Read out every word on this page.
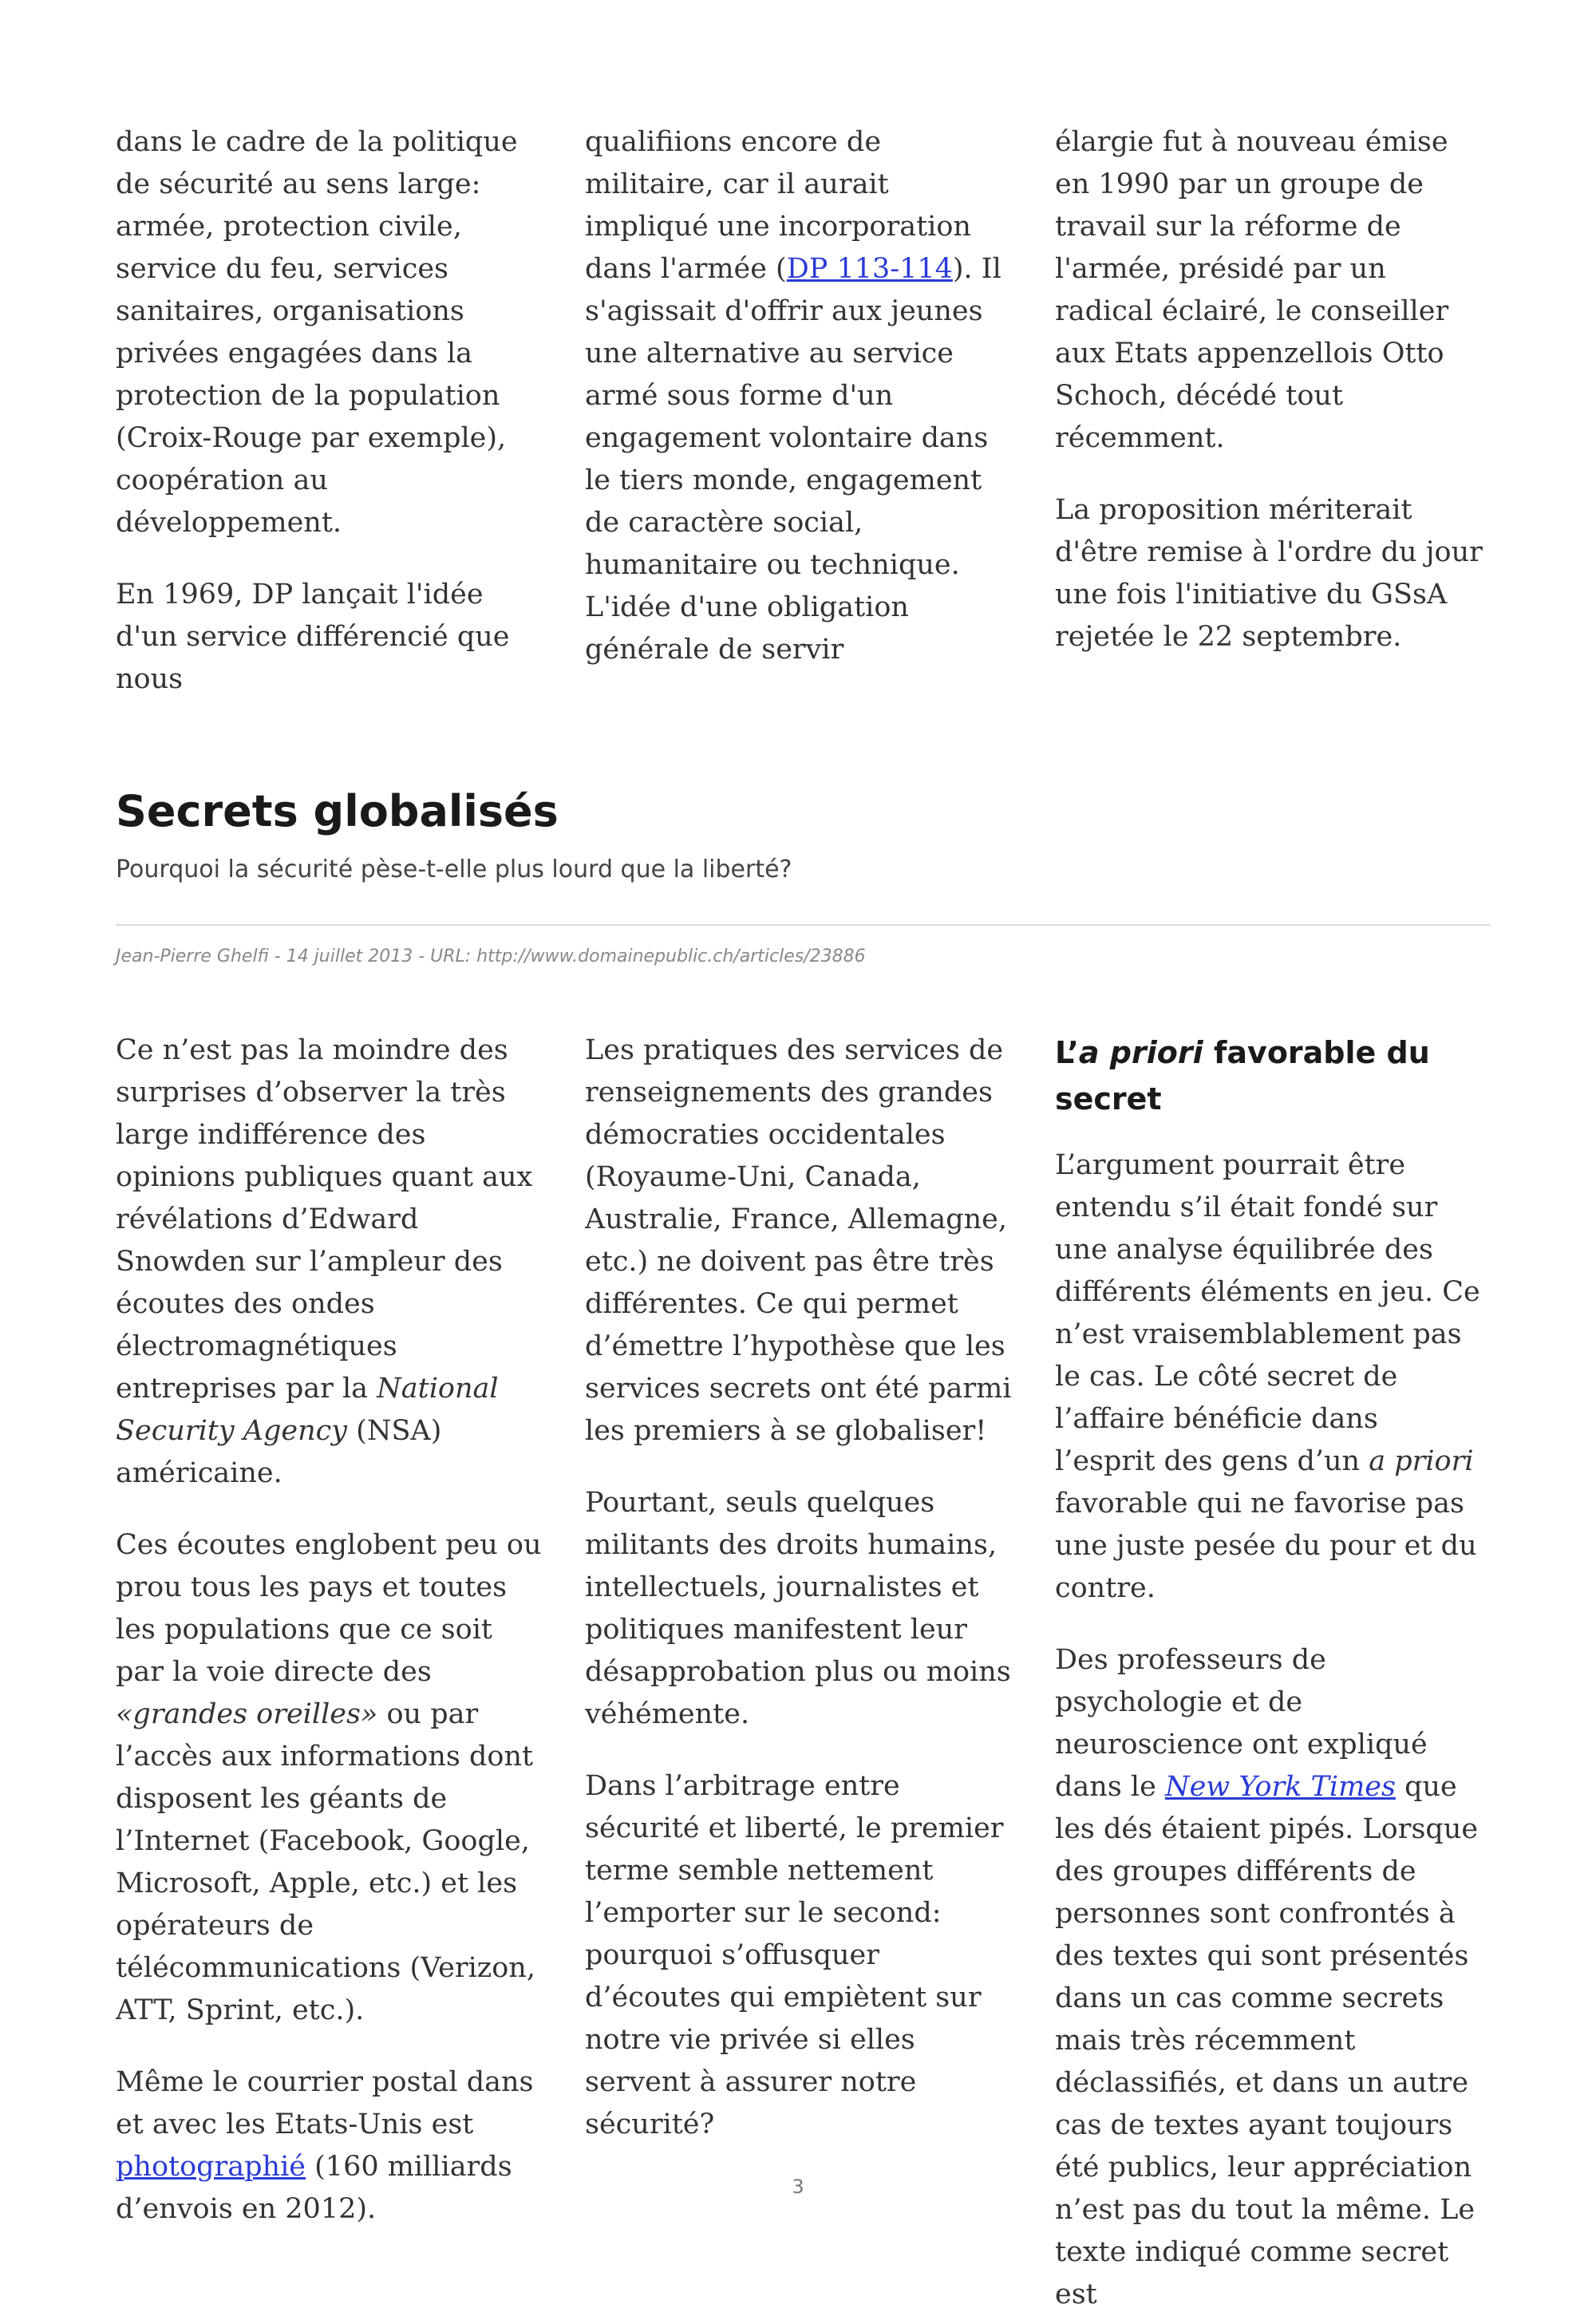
dans le cadre de la politique de sécurité au sens large: armée, protection civile, service du feu, services sanitaires, organisations privées engagées dans la protection de la population (Croix-Rouge par exemple), coopération au développement.

En 1969, DP lançait l'idée d'un service différencié que nous

qualifiions encore de militaire, car il aurait impliqué une incorporation dans l'armée (DP 113-114). Il s'agissait d'offrir aux jeunes une alternative au service armé sous forme d'un engagement volontaire dans le tiers monde, engagement de caractère social, humanitaire ou technique. L'idée d'une obligation générale de servir

élargie fut à nouveau émise en 1990 par un groupe de travail sur la réforme de l'armée, présidé par un radical éclairé, le conseiller aux Etats appenzellois Otto Schoch, décédé tout récemment.

La proposition mériterait d'être remise à l'ordre du jour une fois l'initiative du GSsA rejetée le 22 septembre.

Secrets globalisés
Pourquoi la sécurité pèse-t-elle plus lourd que la liberté?
Jean-Pierre Ghelfi - 14 juillet 2013 - URL: http://www.domainepublic.ch/articles/23886

Ce n’est pas la moindre des surprises d’observer la très large indifférence des opinions publiques quant aux révélations d’Edward Snowden sur l’ampleur des écoutes des ondes électromagnétiques entreprises par la National Security Agency (NSA) américaine.

Ces écoutes englobent peu ou prou tous les pays et toutes les populations que ce soit par la voie directe des «grandes oreilles» ou par l’accès aux informations dont disposent les géants de l’Internet (Facebook, Google, Microsoft, Apple, etc.) et les opérateurs de télécommunications (Verizon, ATT, Sprint, etc.).

Même le courrier postal dans et avec les Etats-Unis est photographié (160 milliards d’envois en 2012).

Les pratiques des services de renseignements des grandes démocraties occidentales (Royaume-Uni, Canada, Australie, France, Allemagne, etc.) ne doivent pas être très différentes. Ce qui permet d’émettre l’hypothèse que les services secrets ont été parmi les premiers à se globaliser!

Pourtant, seuls quelques militants des droits humains, intellectuels, journalistes et politiques manifestent leur désapprobation plus ou moins véhémente.

Dans l’arbitrage entre sécurité et liberté, le premier terme semble nettement l’emporter sur le second: pourquoi s’offusquer d’écoutes qui empiètent sur notre vie privée si elles servent à assurer notre sécurité?

L’a priori favorable du secret

L’argument pourrait être entendu s’il était fondé sur une analyse équilibrée des différents éléments en jeu. Ce n’est vraisemblablement pas le cas. Le côté secret de l’affaire bénéficie dans l’esprit des gens d’un a priori favorable qui ne favorise pas une juste pesée du pour et du contre.

Des professeurs de psychologie et de neuroscience ont expliqué dans le New York Times que les dés étaient pipés. Lorsque des groupes différents de personnes sont confrontés à des textes qui sont présentés dans un cas comme secrets mais très récemment déclassifiés, et dans un autre cas de textes ayant toujours été publics, leur appréciation n’est pas du tout la même. Le texte indiqué comme secret est

3
